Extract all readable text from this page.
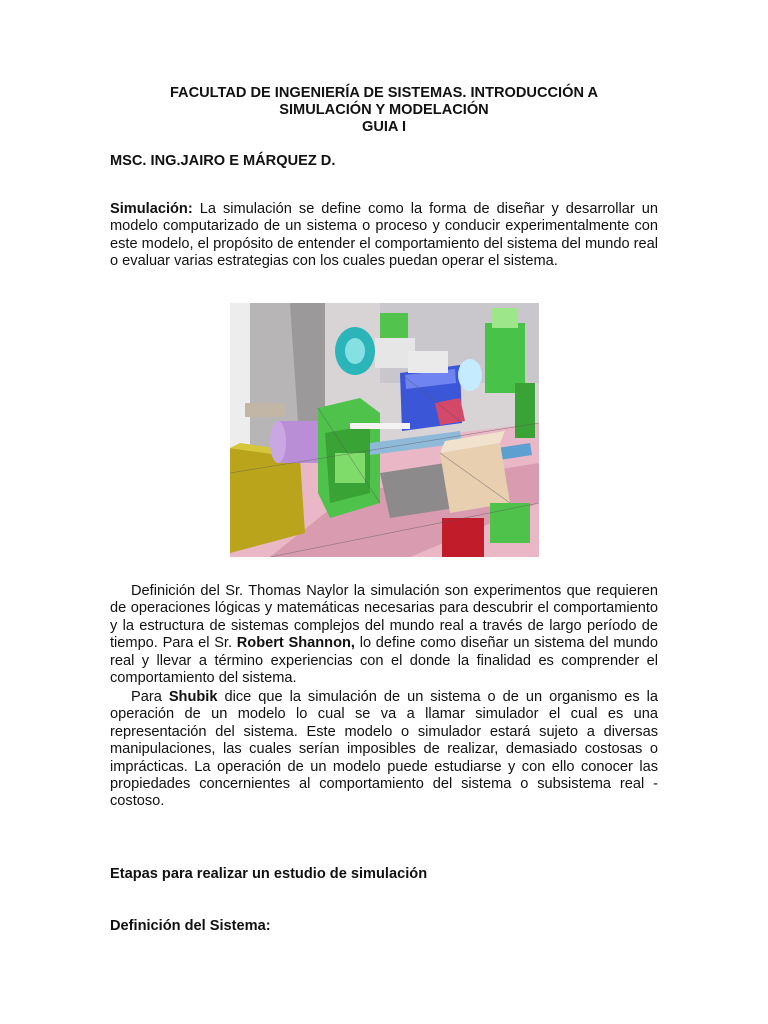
FACULTAD DE INGENIERÍA DE SISTEMAS. INTRODUCCIÓN A
SIMULACIÓN Y MODELACIÓN
GUIA I
MSC. ING.JAIRO E MÁRQUEZ D.

Simulación: La simulación se define como la forma de diseñar y desarrollar un modelo computarizado de un sistema o proceso y conducir experimentalmente con este modelo, el propósito de entender el comportamiento del sistema del mundo real o evaluar varias estrategias con los cuales puedan operar el sistema.

Definición del Sr. Thomas Naylor la simulación son experimentos que requieren de operaciones lógicas y matemáticas necesarias para descubrir el comportamiento y la estructura de sistemas complejos del mundo real a través de largo período de tiempo. Para el Sr. Robert Shannon, lo define como diseñar un sistema del mundo real y llevar a término experiencias con el donde la finalidad es comprender el comportamiento del sistema.

Para Shubik dice que la simulación de un sistema o de un organismo es la operación de un modelo lo cual se va a llamar simulador el cual es una representación del sistema. Este modelo o simulador estará sujeto a diversas manipulaciones, las cuales serían imposibles de realizar, demasiado costosas o imprácticas. La operación de un modelo puede estudiarse y con ello conocer las propiedades concernientes al comportamiento del sistema o subsistema real - costoso.

Etapas para realizar un estudio de simulación
Definición del Sistema:
